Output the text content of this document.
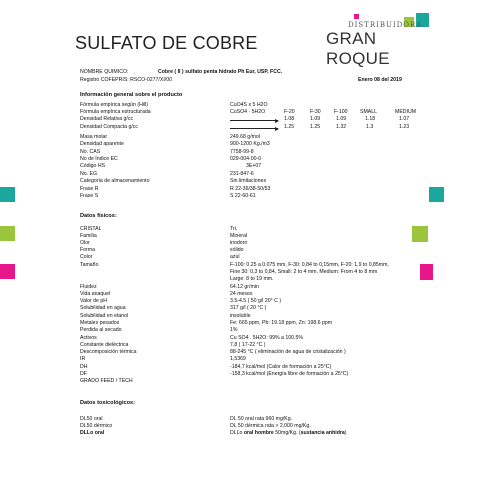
SULFATO DE COBRE
DISTRIBUIDORA
GRAN ROQUE
NOMBRE QUIMICO:	Cobre ( II ) sulfato penta hidrato Ph Eur, USP, FCC.
Registro COFEPRIS: RSCO-0277/XI/00	Enero 08 del 2019
Información general sobre el producto
Fórmula empírica según (Hill)	CuO4S x 5 H2O
Fórmula empírica estructurada	CuSO4 · 5H2O	F-20	F-30	F-100 SMALL	MEDIUM
Densidad Relativa g/cc	1.08	1.09	1.09	1.18	1.07
Densidad Compacta g/cc	1.25	1.25	1.32	1.3	1.23
Masa molar	249.68 g/mol
Densidad aparente	900-1200 Kg./m3
No. CAS	7758-99-8
No de Índice EC	029-004-00-0
Código HS	3E+07
No. EG	231-847-6
Categoría de almacenamiento	Sin limitaciones
Frase R	R 22-36/38-50/53
Frase S	S 22-60-61
Datos físicos:
CRISTAL	Tri.
Familia	Mineral
Olor	inodoro
Forma	sólido
Color	azul
Tamaño	F-100: 0.25 a 0.075 mm, F-30: 0,84 to 0,15mm, F-20: 1,9 to 0,85mm,
Fine 30: 0,3 to 0,84, Small: 2 to 4 mm, Medium: From 4 to 8 mm
Large: 8 to 19 mm.
Fluidez	64.12 gr/min
Vida anaquel	24 meses
Valor de pH	3.5-4.5 ( 50 g/l 20° C )
Solubilidad en agua	317 g/l ( 20 °C )
Solubilidad en etanol	insoluble
Metales pesados	Fe: 665 ppm, Pb: 19.18 ppm, Zn: 198.6 ppm
Perdida al secado	1%
Activos	Cu SO4 . 5H2O: 99% a 100.5%
Constante dieléctrica	7,8 ( 17-22 °C )
Descomposición térmica	88-245 °C ( eliminación de agua de cristalización )
IR	1,5369
DH	-184,7 kcal/mol (Calor de formación a 25°C)
DF	-158,3 kcal/mol (Energía libre de formación a 25°C)
GRADO FEED / TECH
Datos toxicológicos:
DL50 oral	DL 50 oral rata 960 mg/Kg.
DL50 dérmico	DL 50 dérmica rata > 2,000 mg/Kg.
DLLo oral	DLLo oral hombre 50mg/Kg. (sustancia anhidra)
